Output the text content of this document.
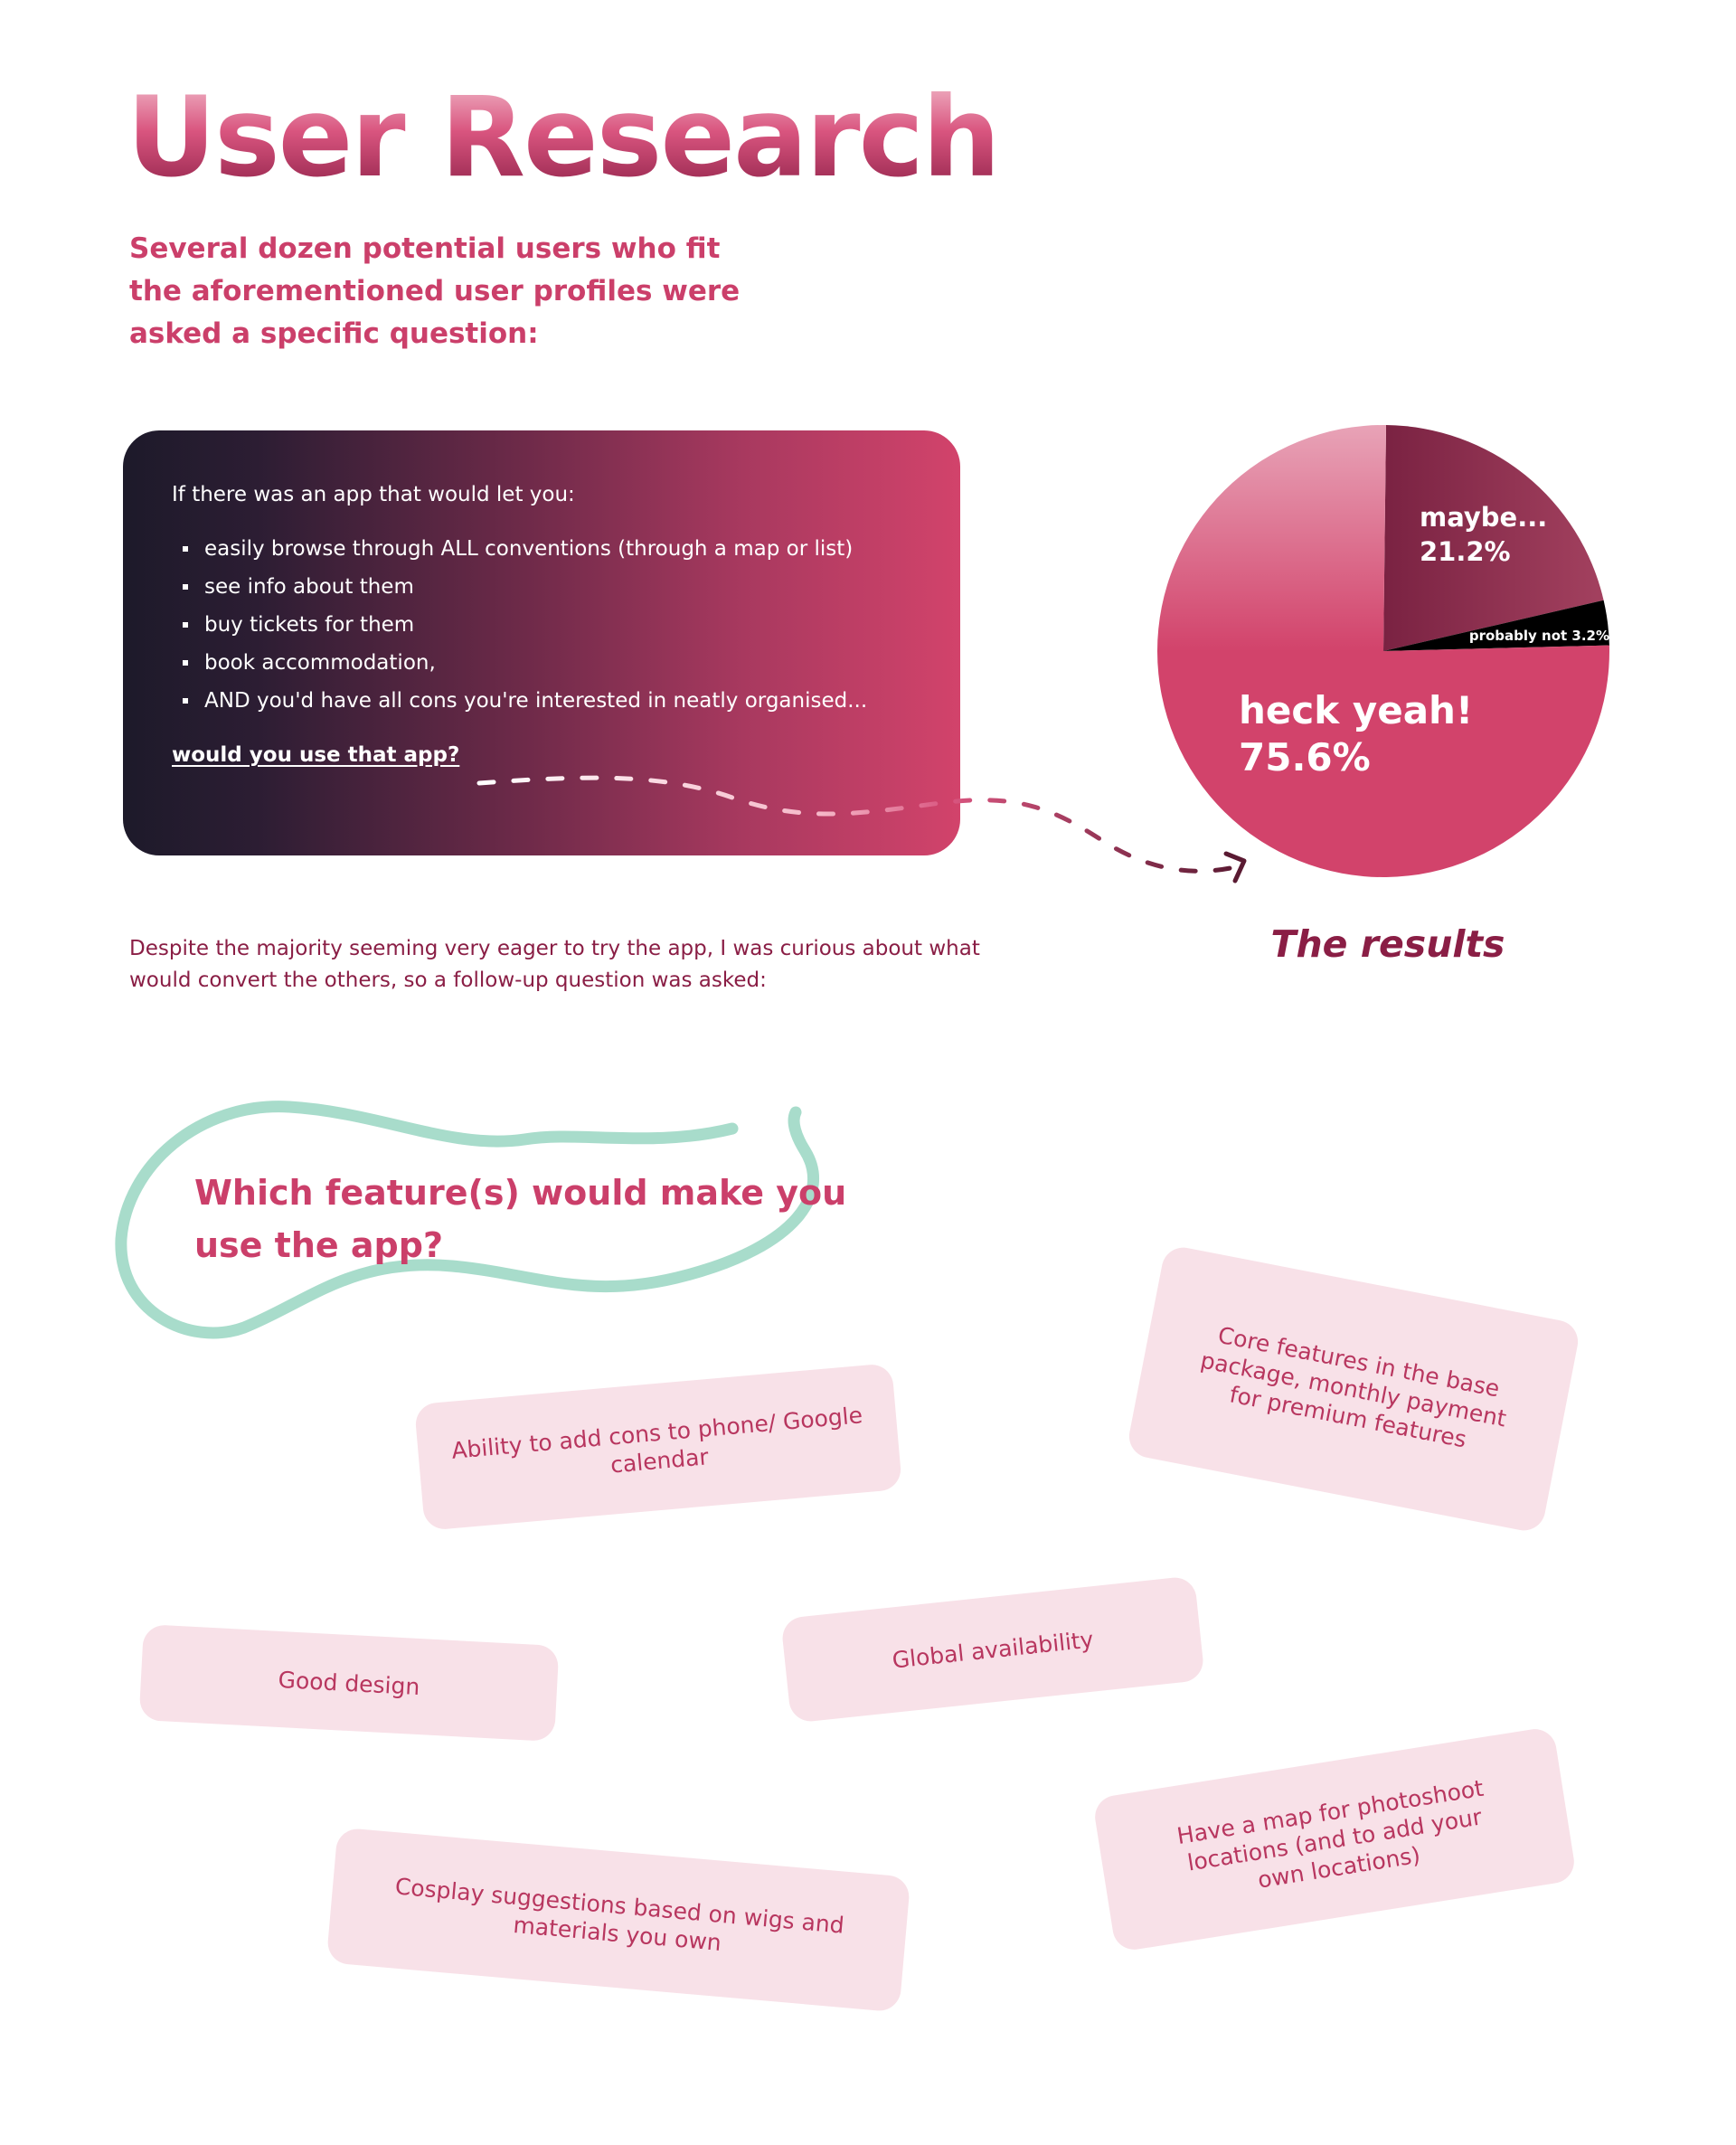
User Research

Several dozen potential users who fit the aforementioned user profiles were asked a specific question:

If there was an app that would let you:

easily browse through ALL conventions (through a map or list)
see info about them
buy tickets for them
book accommodation,
AND you'd have all cons you're interested in neatly organised...
would you use that app?
heck yeah!
75.6%
maybe...
21.2%
probably not 3.2%

The results

Despite the majority seeming very eager to try the app, I was curious about what would convert the others, so a follow-up question was asked:

Which feature(s) would make you use the app?

Ability to add cons to phone/ Google calendar
Core features in the base package, monthly payment for premium features
Good design
Global availability
Cosplay suggestions based on wigs and materials you own
Have a map for photoshoot locations (and to add your own locations)
